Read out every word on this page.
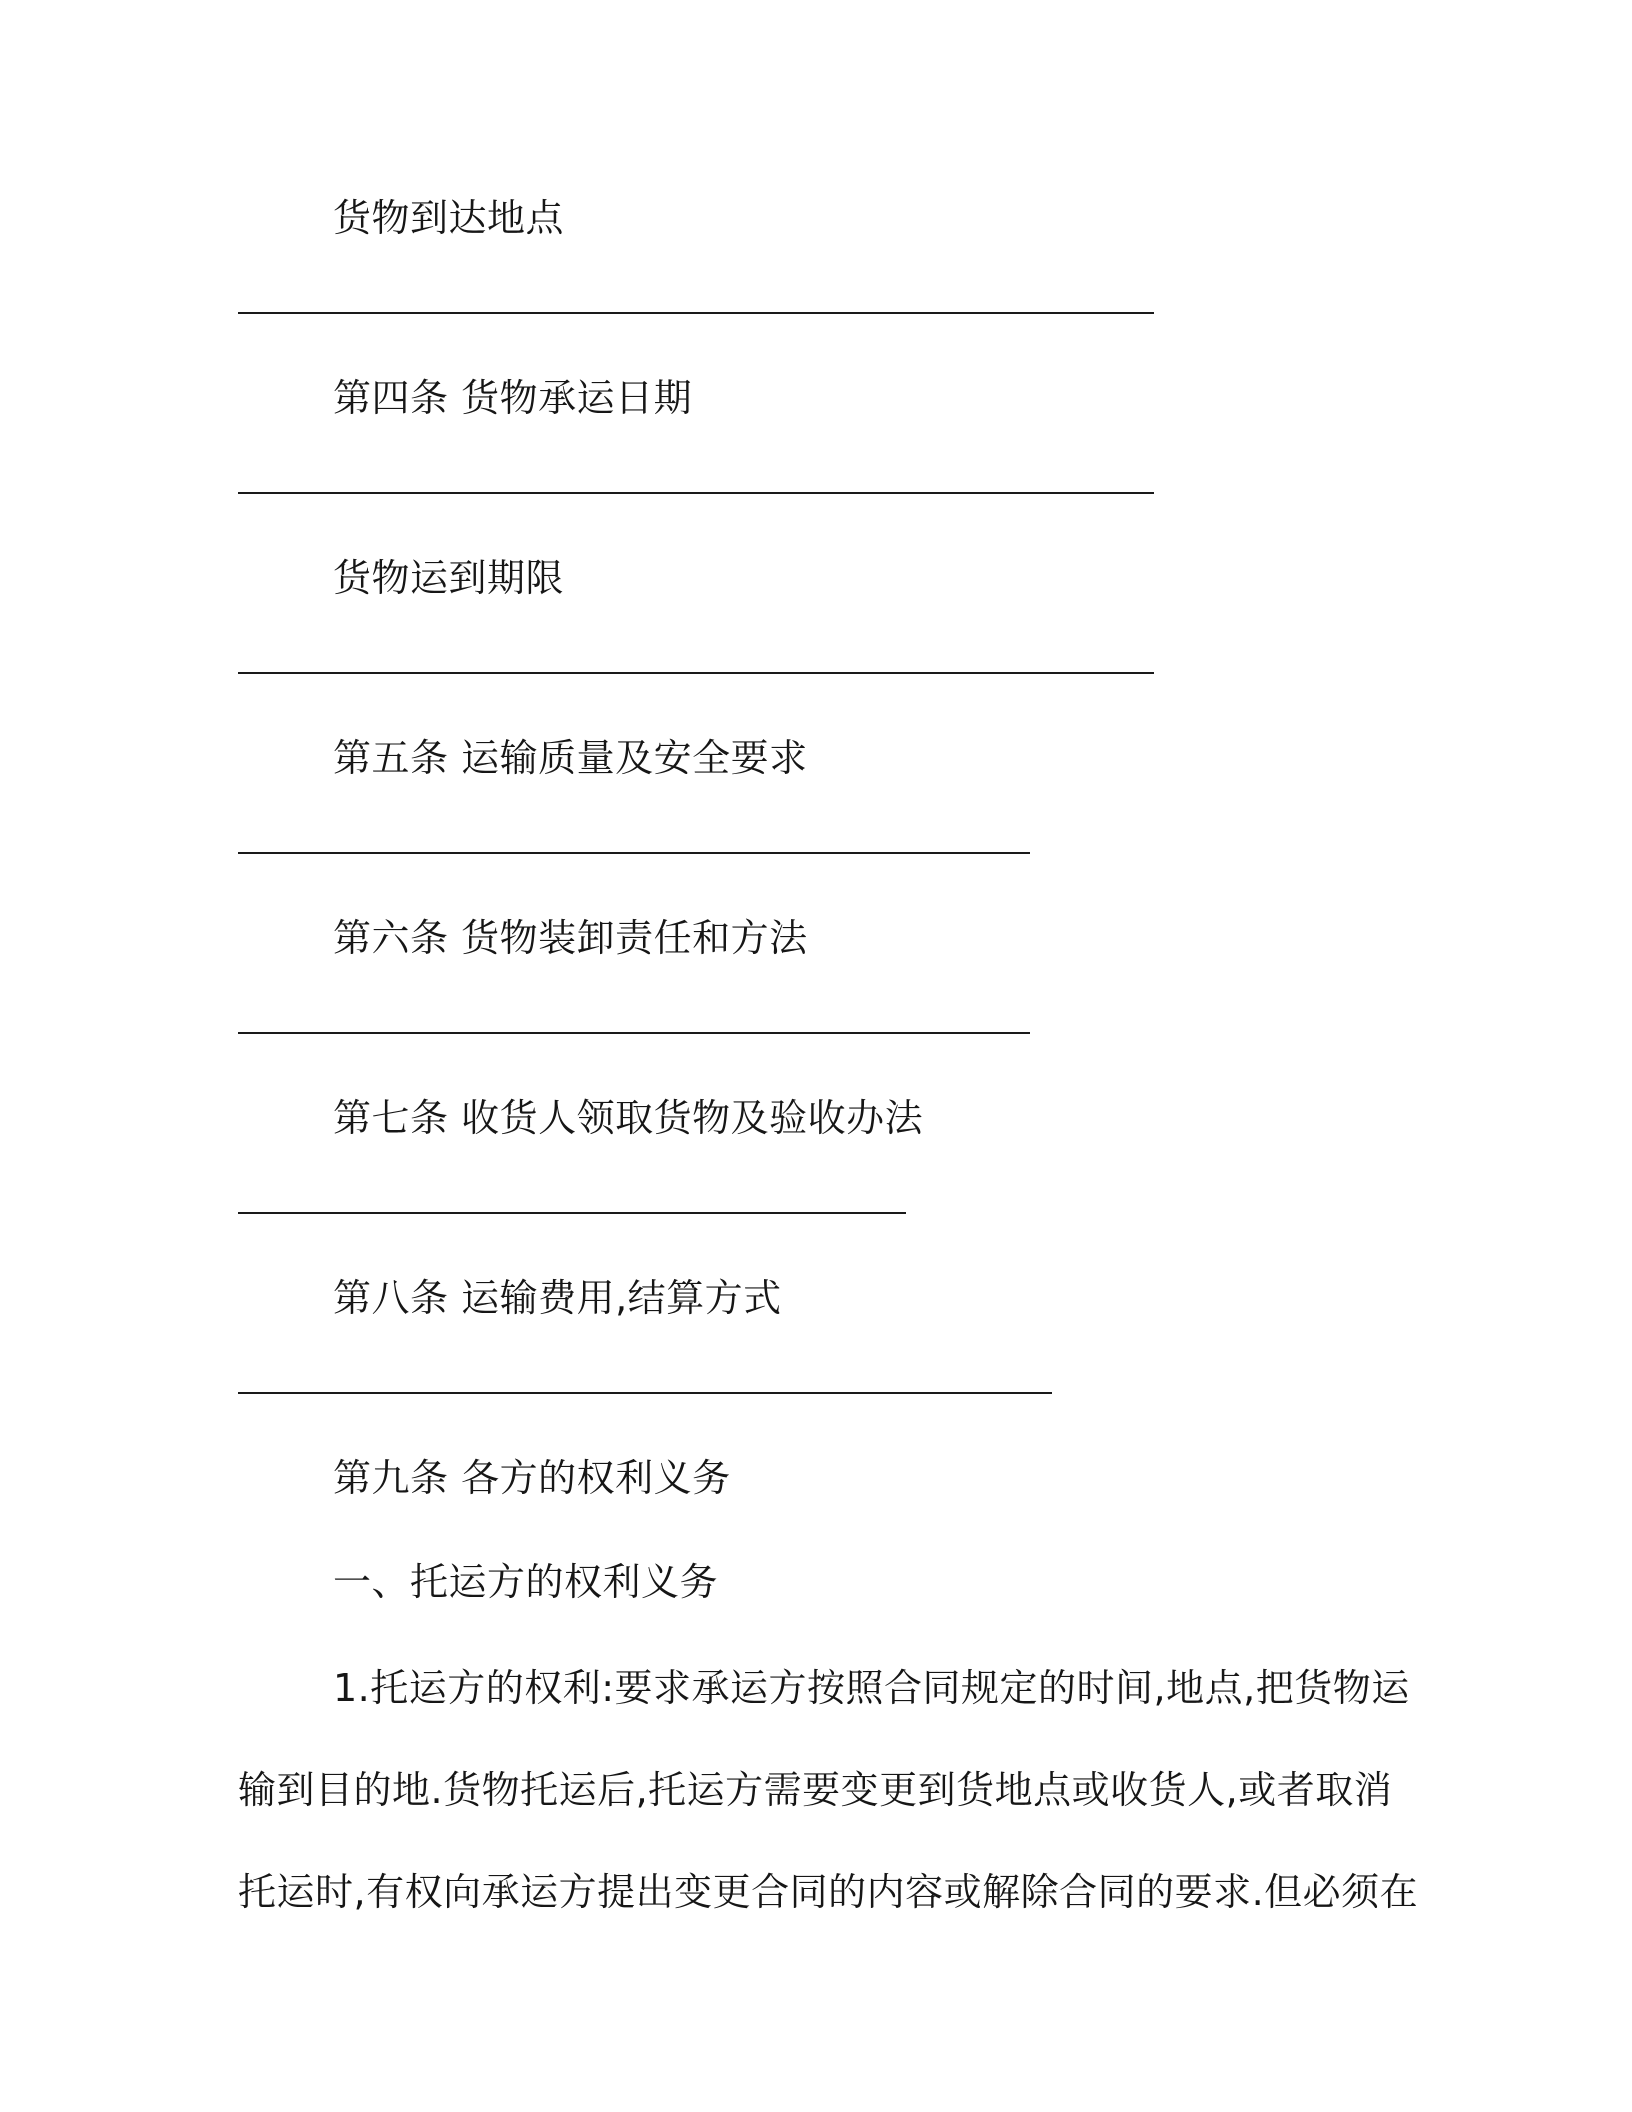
货物到达地点
第四条 货物承运日期
货物运到期限
第五条 运输质量及安全要求
第六条 货物装卸责任和方法
第七条 收货人领取货物及验收办法
第八条 运输费用,结算方式
第九条 各方的权利义务
一、托运方的权利义务
1.托运方的权利:要求承运方按照合同规定的时间,地点,把货物运
输到目的地.货物托运后,托运方需要变更到货地点或收货人,或者取消
托运时,有权向承运方提出变更合同的内容或解除合同的要求.但必须在
